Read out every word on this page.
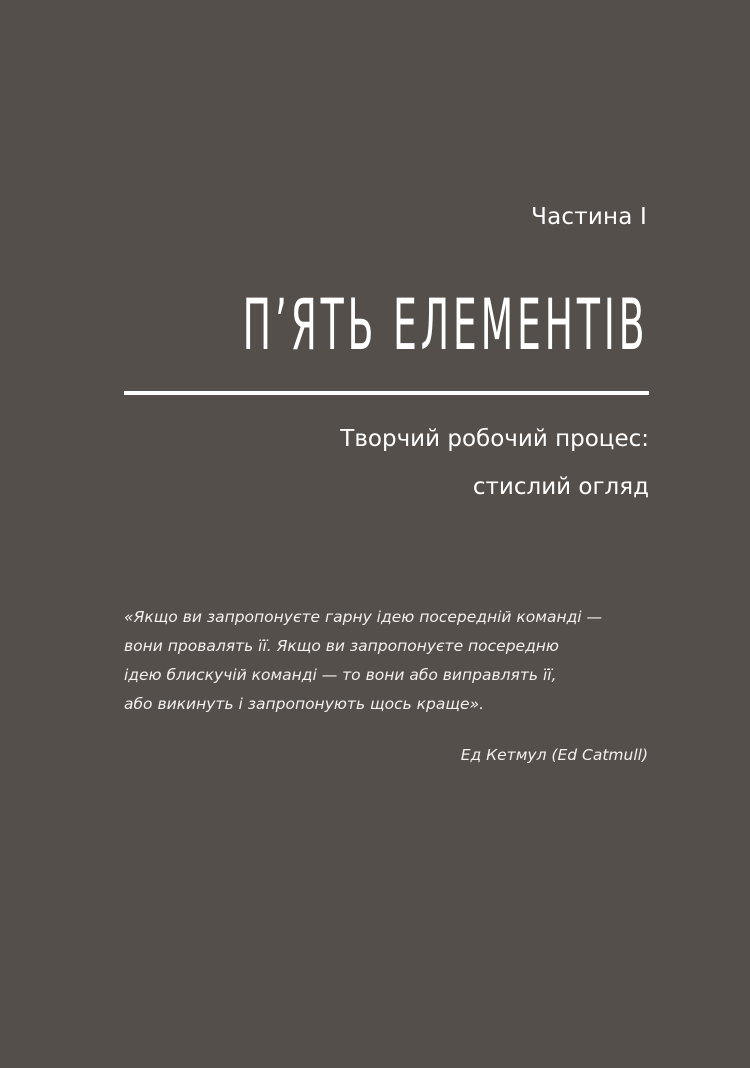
Частина І
П’ЯТЬ ЕЛЕМЕНТІВ
Творчий робочий процес:
стислий огляд
«Якщо ви запропонуєте гарну ідею посередній команді —
вони провалять її. Якщо ви запропонуєте посередню
ідею блискучій команді — то вони або виправлять її,
або викинуть і запропонують щось краще».
Ед Кетмул (Ed Catmull)
